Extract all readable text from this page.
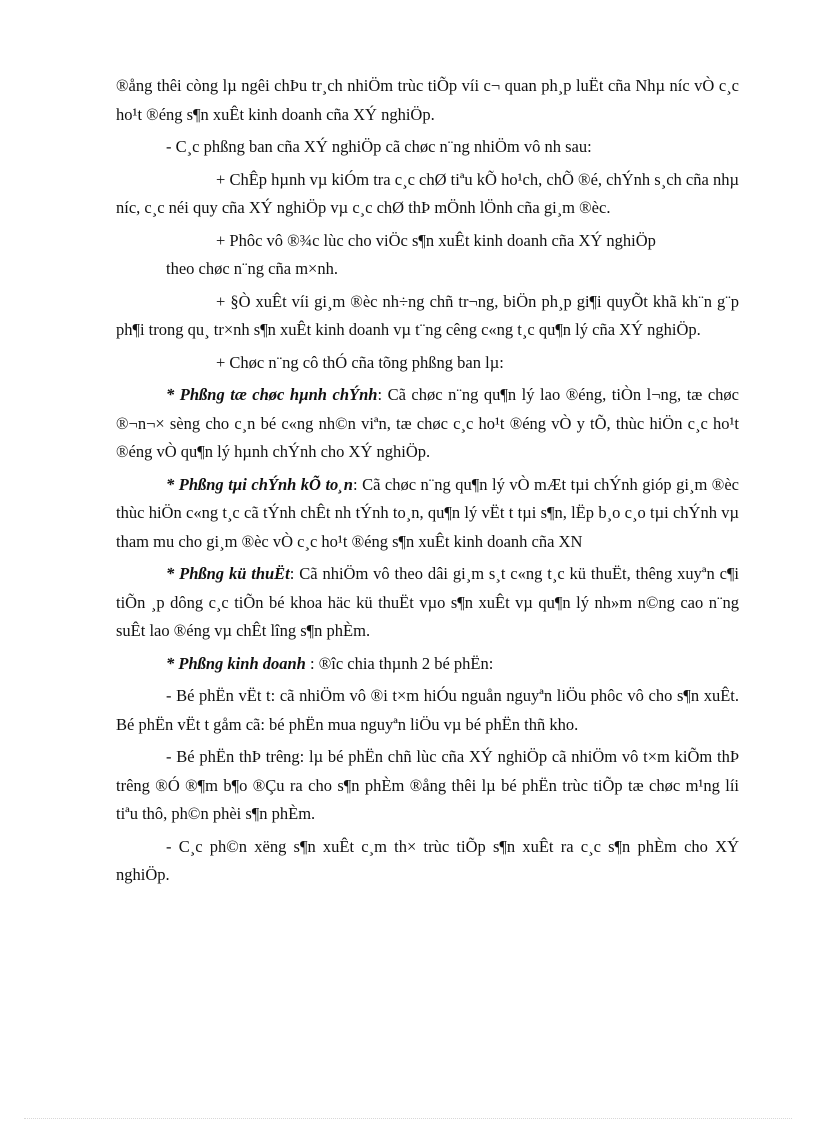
®ång thêi còng lµ ngêi chÞu tr¸ch nhiÖm trùc tiÕp víi c¬ quan ph¸p luËt cña Nhµ níc vÒ c¸c ho¹t ®éng s¶n xuÊt kinh doanh cña XÝ nghiÖp.

- C¸c phßng ban cña XÝ nghiÖp cã chøc n¨ng nhiÖm vô nh sau:

+ ChÊp hµnh vµ kiÓm tra c¸c chØ tiªu kÕ ho¹ch, chÕ ®é, chÝnh s¸ch cña nhµ níc, c¸c néi quy cña XÝ nghiÖp vµ c¸c chØ thÞ mÖnh lÖnh cña gi¸m ®èc.

+ Phôc vô ®¾c lùc cho viÖc s¶n xuÊt kinh doanh cña XÝ nghiÖp

theo chøc n¨ng cña m×nh.

+ §Ò xuÊt víi gi¸m ®èc nh÷ng chñ tr¬ng, biÖn ph¸p gi¶i quyÕt khã kh¨n g¨p ph¶i trong qu¸ tr×nh s¶n xuÊt kinh doanh vµ t¨ng cêng c«ng t¸c qu¶n lý cña XÝ nghiÖp.

+ Chøc n¨ng cô thÓ cña tõng phßng ban lµ:

* Phßng tæ chøc hµnh chÝnh: Cã chøc n¨ng qu¶n lý lao ®éng, tiÒn l¬ng, tæ chøc ®¬n¬× sèng cho c¸n bé c«ng nh©n viªn, tæ chøc c¸c ho¹t ®éng vÒ y tÕ, thùc hiÖn c¸c ho¹t ®éng vÒ qu¶n lý hµnh chÝnh cho XÝ nghiÖp.

* Phßng tµi chÝnh kÕ to¸n: Cã chøc n¨ng qu¶n lý vÒ mÆt tµi chÝnh gióp gi¸m ®èc thùc hiÖn c«ng t¸c cã tÝnh chÊt nh tÝnh to¸n, qu¶n lý vËt t tµi s¶n, lËp b¸o c¸o tµi chÝnh vµ tham mu cho gi¸m ®èc vÒ c¸c ho¹t ®éng s¶n xuÊt kinh doanh cña XN

* Phßng kü thuËt: Cã nhiÖm vô theo dâi gi¸m s¸t c«ng t¸c kü thuËt, thêng xuyªn c¶i tiÕn ¸p dông c¸c tiÕn bé khoa häc kü thuËt vµo s¶n xuÊt vµ qu¶n lý nh»m n©ng cao n¨ng suÊt lao ®éng vµ chÊt lîng s¶n phÈm.

* Phßng kinh doanh : ®îc chia thµnh 2 bé phËn:

- Bé phËn vËt t: cã nhiÖm vô ®i t×m hiÓu nguån nguyªn liÖu phôc vô cho s¶n xuÊt. Bé phËn vËt t gåm cã: bé phËn mua nguyªn liÖu vµ bé phËn thñ kho.

- Bé phËn thÞ trêng: lµ bé phËn chñ lùc cña XÝ nghiÖp cã nhiÖm vô t×m kiÕm thÞ trêng ®Ó ®¶m b¶o ®Çu ra cho s¶n phÈm ®ång thêi lµ bé phËn trùc tiÕp tæ chøc m¹ng líi tiªu thô, ph©n phèi s¶n phÈm.

- C¸c ph©n xëng s¶n xuÊt c¸m th× trùc tiÕp s¶n xuÊt ra c¸c s¶n phÈm cho XÝ nghiÖp.
